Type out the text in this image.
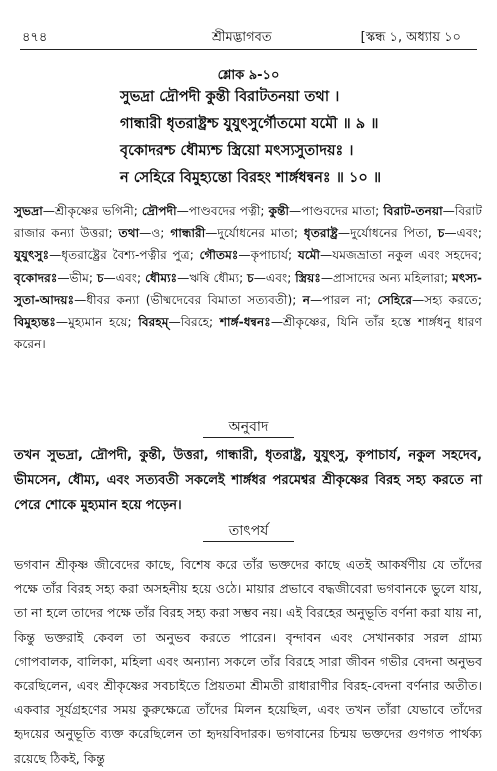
৪৭৪	শ্রীমদ্ভাগবত	[স্কন্ধ ১, অধ্যায় ১০
শ্লোক ৯-১০
সুভদ্রা দ্রৌপদী কুন্তী বিরাটতনয়া তথা ।
গান্ধারী ধৃতরাষ্ট্রশ্চ যুযুৎসুর্গৌতমো যমৌ ॥ ৯ ॥
বৃকোদরশ্চ ধৌম্যশ্চ স্ত্রিয়ো মৎস্যসুতাদয়ঃ ।
ন সেহিরে বিমুহ্যন্তো বিরহং শার্ঙ্গধন্বনঃ ॥ ১০ ॥

সুভদ্রা—শ্রীকৃষ্ণের ভগিনী; দ্রৌপদী—পাণ্ডবদের পত্নী; কুন্তী—পাণ্ডবদের মাতা; বিরাট-তনয়া—বিরাট রাজার কন্যা উত্তরা; তথা—ও; গান্ধারী—দুর্যোধনের মাতা; ধৃতরাষ্ট্র—দুর্যোধনের পিতা, চ—এবং; যুযুৎসুঃ—ধৃতরাষ্ট্রের বৈশ্য-পত্নীর পুত্র; গৌতমঃ—কৃপাচার্য; যমৌ—যমজভ্রাতা নকুল এবং সহদেব; বৃকোদরঃ—ভীম; চ—এবং; ধৌম্যঃ—ঋষি ধৌম্য; চ—এবং; স্ত্রিয়ঃ—প্রাসাদের অন্য মহিলারা; মৎস্য-সুতা-আদয়ঃ—ধীবর কন্যা (ভীষ্মদেবের বিমাতা সত্যবতী); ন—পারল না; সেহিরে—সহ্য করতে; বিমুহ্যন্তঃ—মুহ্যমান হয়ে; বিরহম্—বিরহে; শার্ঙ্গ-ধন্বনঃ—শ্রীকৃষ্ণের, যিনি তাঁর হস্তে শার্ঙ্গধনু ধারণ করেন।

অনুবাদ

তখন সুভদ্রা, দ্রৌপদী, কুন্তী, উত্তরা, গান্ধারী, ধৃতরাষ্ট্র, যুযুৎসু, কৃপাচার্য, নকুল সহদেব, ভীমসেন, ধৌম্য, এবং সত্যবতী সকলেই শার্ঙ্গধর পরমেশ্বর শ্রীকৃষ্ণের বিরহ সহ্য করতে না পেরে শোকে মুহ্যমান হয়ে পড়েন।

তাৎপর্য

ভগবান শ্রীকৃষ্ণ জীবেদের কাছে, বিশেষ করে তাঁর ভক্তদের কাছে এতই আকর্ষণীয় যে তাঁদের পক্ষে তাঁর বিরহ সহ্য করা অসহনীয় হয়ে ওঠে। মায়ার প্রভাবে বদ্ধজীবেরা ভগবানকে ভুলে যায়, তা না হলে তাদের পক্ষে তাঁর বিরহ সহ্য করা সম্ভব নয়। এই বিরহের অনুভূতি বর্ণনা করা যায় না, কিন্তু ভক্তরাই কেবল তা অনুভব করতে পারেন। বৃন্দাবন এবং সেখানকার সরল গ্রাম্য গোপবালক, বালিকা, মহিলা এবং অন্যান্য সকলে তাঁর বিরহে সারা জীবন গভীর বেদনা অনুভব করেছিলেন, এবং শ্রীকৃষ্ণের সবচাইতে প্রিয়তমা শ্রীমতী রাধারাণীর বিরহ-বেদনা বর্ণনার অতীত। একবার সূর্যগ্রহণের সময় কুরুক্ষেত্রে তাঁদের মিলন হয়েছিল, এবং তখন তাঁরা যেভাবে তাঁদের হৃদয়ের অনুভূতি ব্যক্ত করেছিলেন তা হৃদয়বিদারক। ভগবানের চিন্ময় ভক্তদের গুণগত পার্থক্য রয়েছে ঠিকই, কিন্তু
